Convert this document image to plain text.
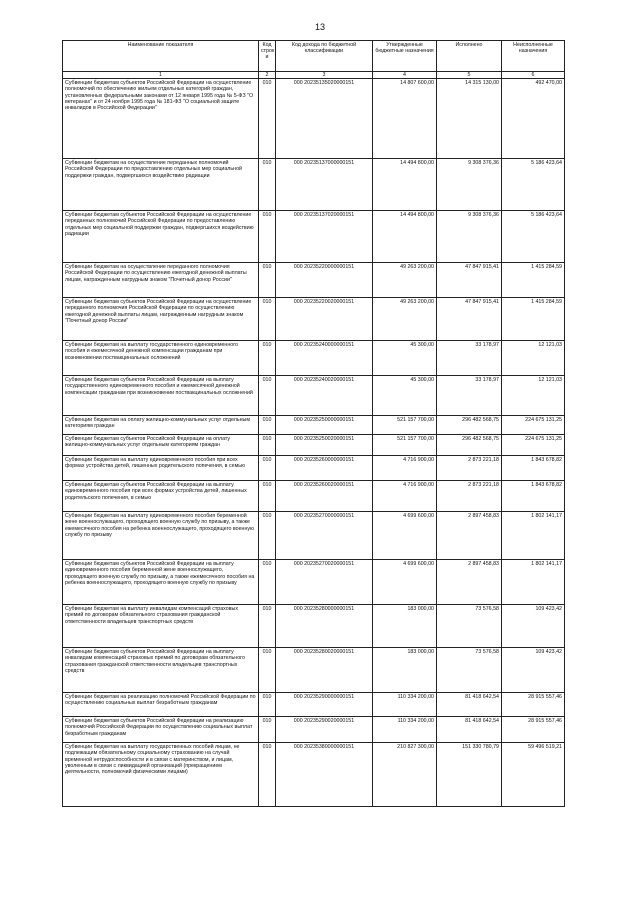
13
Наименование показателя	Код строк и	Код дохода по бюджетной классификации	Утвержденные бюджетные назначения	Исполнено	Неисполненные назначения
1	2	3	4	5	6
Субвенции бюджетам субъектов Российской Федерации на осуществление полномочий по обеспечению жильем отдельных категорий граждан, установленных федеральными законами от 12 января 1995 года № 5-ФЗ "О ветеранах" и от 24 ноября 1995 года № 181-ФЗ "О социальной защите инвалидов в Российской Федерации"	010	000 20235135020000151	14 807 600,00	14 315 130,00	492 470,00
Субвенции бюджетам на осуществление переданных полномочий Российской Федерации по предоставлению отдельных мер социальной поддержки граждан, подвергшихся воздействию радиации	010	000 20235137000000151	14 494 800,00	9 308 376,36	5 186 423,64
Субвенции бюджетам субъектов Российской Федерации на осуществление переданных полномочий Российской Федерации по предоставлению отдельных мер социальной поддержки граждан, подвергшихся воздействию радиации	010	000 20235137020000151	14 494 800,00	9 308 376,36	5 186 423,64
Субвенции бюджетам на осуществление переданного полномочия Российской Федерации по осуществлению ежегодной денежной выплаты лицам, награжденным нагрудным знаком "Почетный донор России"	010	000 20235220000000151	49 263 200,00	47 847 915,41	1 415 284,59
Субвенции бюджетам субъектов Российской Федерации на осуществление переданного полномочия Российской Федерации по осуществлению ежегодной денежной выплаты лицам, награжденным нагрудным знаком "Почетный донор России"	010	000 20235220020000151	49 263 200,00	47 847 915,41	1 415 284,59
Субвенции бюджетам на выплату государственного единовременного пособия и ежемесячной денежной компенсации гражданам при возникновении поствакцинальных осложнений	010	000 20235240000000151	45 300,00	33 178,97	12 121,03
Субвенции бюджетам субъектов Российской Федерации на выплату государственного единовременного пособия и ежемесячной денежной компенсации гражданам при возникновении поствакцинальных осложнений	010	000 20235240020000151	45 300,00	33 178,97	12 121,03
Субвенции бюджетам на оплату жилищно-коммунальных услуг отдельным категориям граждан	010	000 20235250000000151	521 157 700,00	296 482 568,75	224 675 131,25
Субвенции бюджетам субъектов Российской Федерации на оплату жилищно-коммунальных услуг отдельным категориям граждан	010	000 20235250020000151	521 157 700,00	296 482 568,75	224 675 131,25
Субвенции бюджетам на выплату единовременного пособия при всех формах устройства детей, лишенных родительского попечения, в семью	010	000 20235260000000151	4 716 900,00	2 873 221,18	1 843 678,82
Субвенции бюджетам субъектов Российской Федерации на выплату единовременного пособия при всех формах устройства детей, лишенных родительского попечения, в семью	010	000 20235260020000151	4 716 900,00	2 873 221,18	1 843 678,82
Субвенции бюджетам на выплату единовременного пособия беременной жене военнослужащего, проходящего военную службу по призыву, а также ежемесячного пособия на ребенка военнослужащего, проходящего военную службу по призыву	010	000 20235270000000151	4 699 600,00	2 897 458,83	1 802 141,17
Субвенции бюджетам субъектов Российской Федерации на выплату единовременного пособия беременной жене военнослужащего, проходящего военную службу по призыву, а также ежемесячного пособия на ребенка военнослужащего, проходящего военную службу по призыву	010	000 20235270020000151	4 699 600,00	2 897 458,83	1 802 141,17
Субвенции бюджетам на выплату инвалидам компенсаций страховых премий по договорам обязательного страхования гражданской ответственности владельцев транспортных средств	010	000 20235280000000151	183 000,00	73 576,58	109 423,42
Субвенции бюджетам субъектов Российской Федерации на выплату инвалидам компенсаций страховых премий по договорам обязательного страхования гражданской ответственности владельцев транспортных средств	010	000 20235280020000151	183 000,00	73 576,58	109 423,42
Субвенции бюджетам на реализацию полномочий Российской Федерации по осуществлению социальных выплат безработным гражданам	010	000 20235290000000151	110 334 200,00	81 418 642,54	28 915 557,46
Субвенции бюджетам субъектов Российской Федерации на реализацию полномочий Российской Федерации по осуществлению социальных выплат безработным гражданам	010	000 20235290020000151	110 334 200,00	81 418 642,54	28 915 557,46
Субвенции бюджетам на выплату государственных пособий лицам, не подлежащим обязательному социальному страхованию на случай временной нетрудоспособности и в связи с материнством, и лицам, уволенным в связи с ликвидацией организаций (прекращением деятельности, полномочий физическими лицами)	010	000 20235380000000151	210 827 300,00	151 330 780,79	59 496 519,21
